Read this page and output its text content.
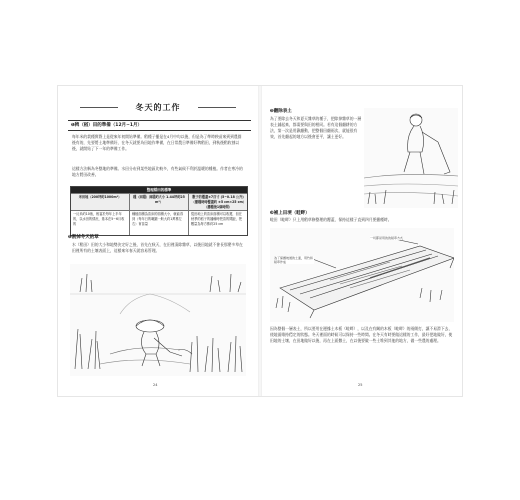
冬天的工作
❶稗（稻）田的準備（12月~1月）
每年米的栽種實際上是從來年初開始準備。稻種子播是在4月中旬以後，但是為了準時秧苗來到到農園後有的，先要將土地準備好，在冬天就要為田地作準備，在日常農日準備好稗稻田，到秋後稻收割以後，就開始了下一年的準備工作。
這樣方法稱為冬整地的準備。水田分布到某些地區比較多，有些氣候不利於溫暖的種植。作者在寒冷的地方將田改善。
整理稻田的標準
米田地（200坪約1000m²）	種（面積）面積約大小 1.44坪約25 m²）
數子的覆蓋±7百寸 (5~0.18 公升)（播種時時覆蓋約 ±5 cm×25 cm）（播種後1個時間）
一反米約10俵，相當於每年上半年的，以水田的情況，基本在5~6月收的
種植面積為苗床的面積大小，就能得到（每年日的範圍一般大約1萬株左右）育苗量
從田地上的苗床面積可以收獲，但在秋季的稻子的播種時把苗的間距，把數量為每方株約25 cm
❶割掉冬天的草
水（稻田）田的大小和地勢決定好之後，首先在秋天，在田裡清除雜草，以後田地就不會長那麼多草在田裡所有的土壤表面上，這樣來年春天就容易管理。
24
❷翻除表土
為了要除去冬天和夏天雜草的種子，把除掉雜草的一層表土鋪起來，都需要與田的相同。若有這個翻耕的方法，第一次是用鍬翻動，把整個田翻兩次，就能很有效，首先翻起的地方以後會更平，讓土更好。
❸補上田埂（畦畔）
畦田（畦畔）只上用稻草修整理的覆蓋，保持這樣子直到四月要播種時。
一切都是用的的稻草方式
為了保護坡道的土面，用竹和稻草作成
因為整個一層表土，所以要用在邊緣土木板（畦畔），以及在有關的木板（畦畔）的兩側打，讓不易滑下去，使地面維持穩定的狀態。冬天裡面的時候可以保持一些時間。在冬天有時要做這樣的工作，最好把地做好，使田地的土壤，在田地做好以後，再在上面撒土，在以後要做一些土堆到其他的地方，做一些農的處理。
25
